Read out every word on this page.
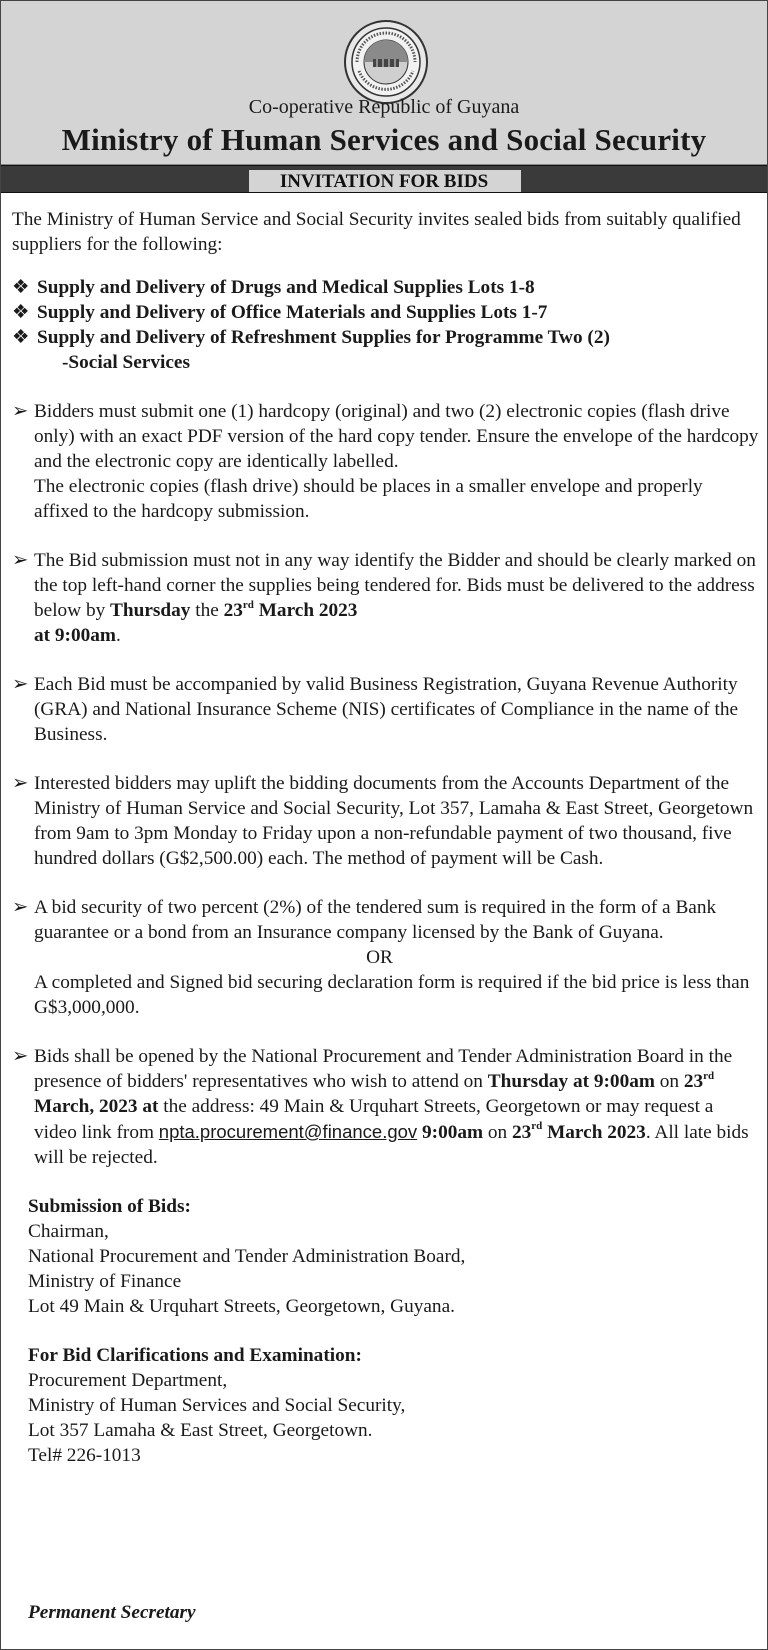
Co-operative Republic of Guyana
Ministry of Human Services and Social Security
INVITATION FOR BIDS

The Ministry of Human Service and Social Security invites sealed bids from suitably qualified suppliers for the following:

❖ Supply and Delivery of Drugs and Medical Supplies Lots 1-8
❖ Supply and Delivery of Office Materials and Supplies Lots 1-7
❖ Supply and Delivery of Refreshment Supplies for Programme Two (2)
-Social Services
➢ Bidders must submit one (1) hardcopy (original) and two (2) electronic copies (flash drive only) with an exact PDF version of the hard copy tender. Ensure the envelope of the hardcopy and the electronic copy are identically labelled.
The electronic copies (flash drive) should be places in a smaller envelope and properly affixed to the hardcopy submission.
➢ The Bid submission must not in any way identify the Bidder and should be clearly marked on the top left-hand corner the supplies being tendered for. Bids must be delivered to the address below by Thursday the 23rd March 2023
at 9:00am.
➢ Each Bid must be accompanied by valid Business Registration, Guyana Revenue Authority (GRA) and National Insurance Scheme (NIS) certificates of Compliance in the name of the Business.
➢ Interested bidders may uplift the bidding documents from the Accounts Department of the Ministry of Human Service and Social Security, Lot 357, Lamaha & East Street, Georgetown from 9am to 3pm Monday to Friday upon a non-refundable payment of two thousand, five hundred dollars (G$2,500.00) each. The method of payment will be Cash.
➢ A bid security of two percent (2%) of the tendered sum is required in the form of a Bank guarantee or a bond from an Insurance company licensed by the Bank of Guyana.
OR
A completed and Signed bid securing declaration form is required if the bid price is less than G$3,000,000.
➢ Bids shall be opened by the National Procurement and Tender Administration Board in the presence of bidders' representatives who wish to attend on Thursday at 9:00am on 23rd March, 2023 at the address: 49 Main & Urquhart Streets, Georgetown or may request a video link from npta.procurement@finance.gov 9:00am on 23rd March 2023. All late bids will be rejected.
Submission of Bids:
Chairman,
National Procurement and Tender Administration Board,
Ministry of Finance
Lot 49 Main & Urquhart Streets, Georgetown, Guyana.
For Bid Clarifications and Examination:
Procurement Department,
Ministry of Human Services and Social Security,
Lot 357 Lamaha & East Street, Georgetown.
Tel# 226-1013
Permanent Secretary
